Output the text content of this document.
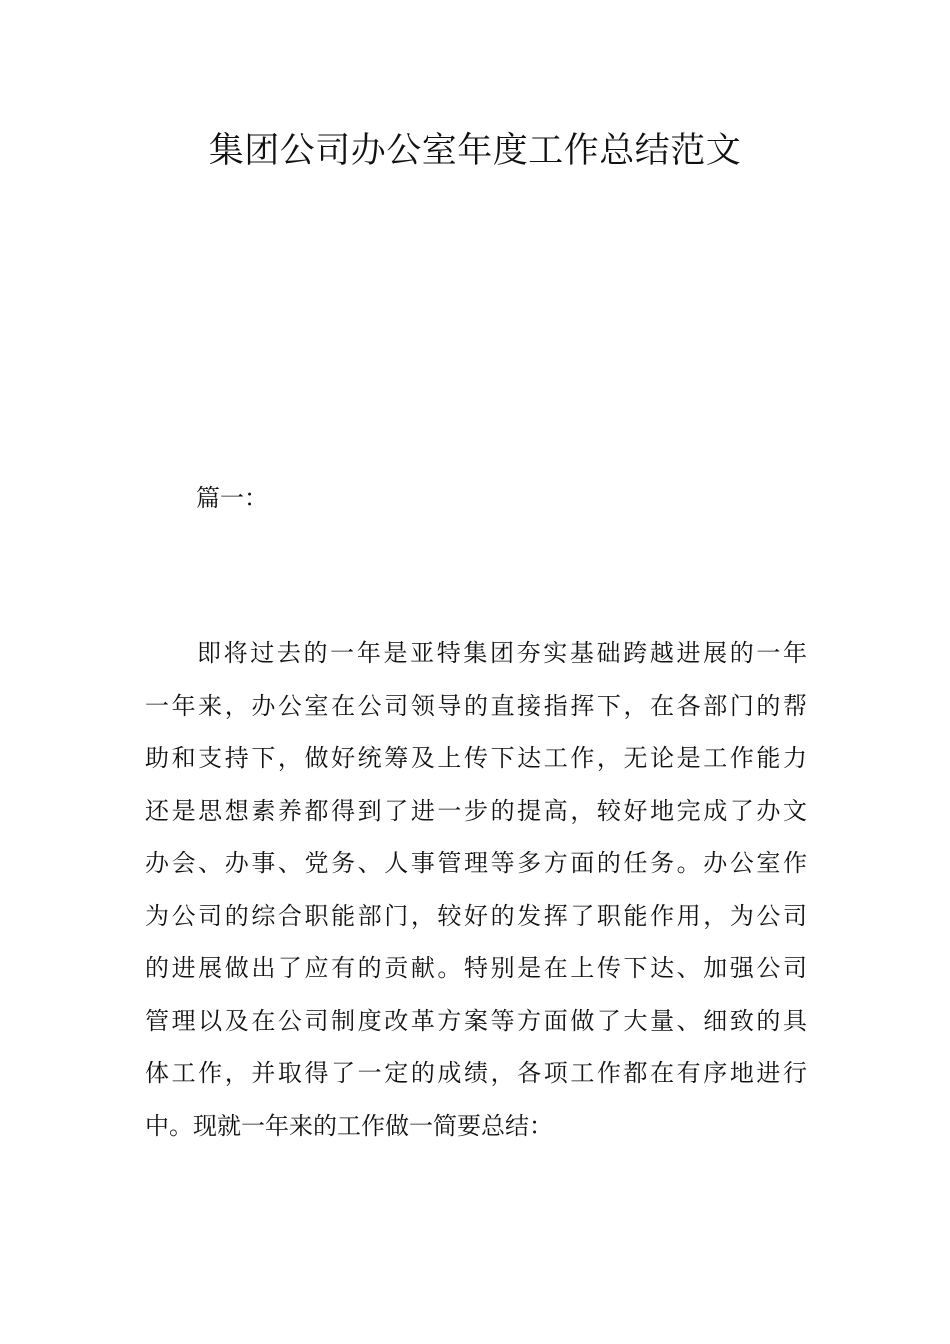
集团公司办公室年度工作总结范文

篇一：

即将过去的一年是亚特集团夯实基础跨越进展的一年
一年来，办公室在公司领导的直接指挥下，在各部门的帮
助和支持下，做好统筹及上传下达工作，无论是工作能力
还是思想素养都得到了进一步的提高，较好地完成了办文
办会、办事、党务、人事管理等多方面的任务。办公室作
为公司的综合职能部门，较好的发挥了职能作用，为公司
的进展做出了应有的贡献。特别是在上传下达、加强公司
管理以及在公司制度改革方案等方面做了大量、细致的具
体工作，并取得了一定的成绩，各项工作都在有序地进行
中。现就一年来的工作做一简要总结：
